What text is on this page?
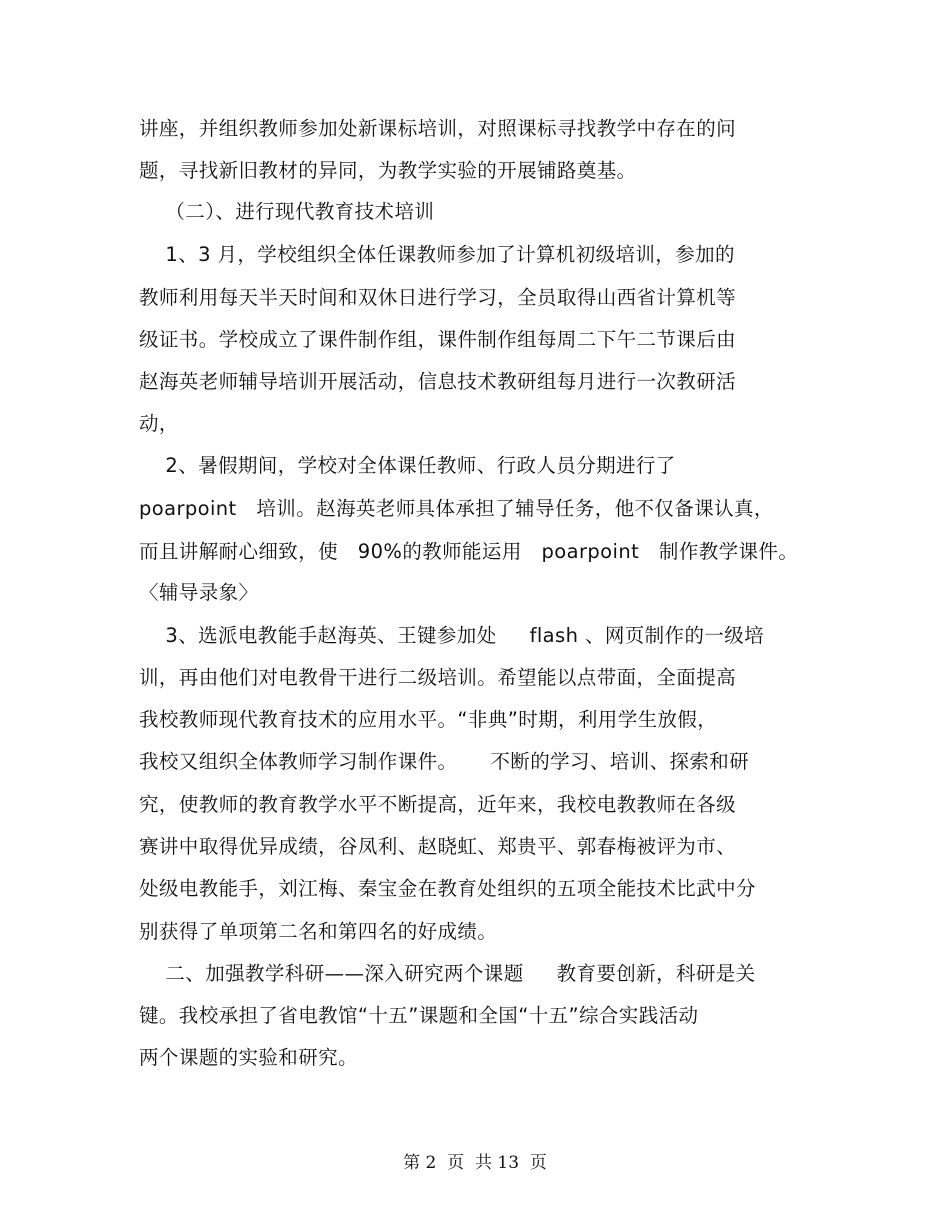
讲座，并组织教师参加处新课标培训，对照课标寻找教学中存在的问
题，寻找新旧教材的异同，为教学实验的开展铺路奠基。
（二）、进行现代教育技术培训
1、3 月，学校组织全体任课教师参加了计算机初级培训，参加的
教师利用每天半天时间和双休日进行学习，全员取得山西省计算机等
级证书。学校成立了课件制作组，课件制作组每周二下午二节课后由
赵海英老师辅导培训开展活动，信息技术教研组每月进行一次教研活
动，
2、暑假期间，学校对全体课任教师、行政人员分期进行了
poarpoint   培训。赵海英老师具体承担了辅导任务，他不仅备课认真，
而且讲解耐心细致，使   90%的教师能运用   poarpoint   制作教学课件。
〈辅导录象〉
3、选派电教能手赵海英、王键参加处     flash 、网页制作的一级培
训，再由他们对电教骨干进行二级培训。希望能以点带面，全面提高
我校教师现代教育技术的应用水平。“非典”时期，利用学生放假，
我校又组织全体教师学习制作课件。     不断的学习、培训、探索和研
究，使教师的教育教学水平不断提高，近年来，我校电教教师在各级
赛讲中取得优异成绩，谷凤利、赵晓虹、郑贵平、郭春梅被评为市、
处级电教能手，刘江梅、秦宝金在教育处组织的五项全能技术比武中分
别获得了单项第二名和第四名的好成绩。
二、加强教学科研——深入研究两个课题     教育要创新，科研是关
键。我校承担了省电教馆“十五”课题和全国“十五”综合实践活动
两个课题的实验和研究。
第 2  页  共 13  页
